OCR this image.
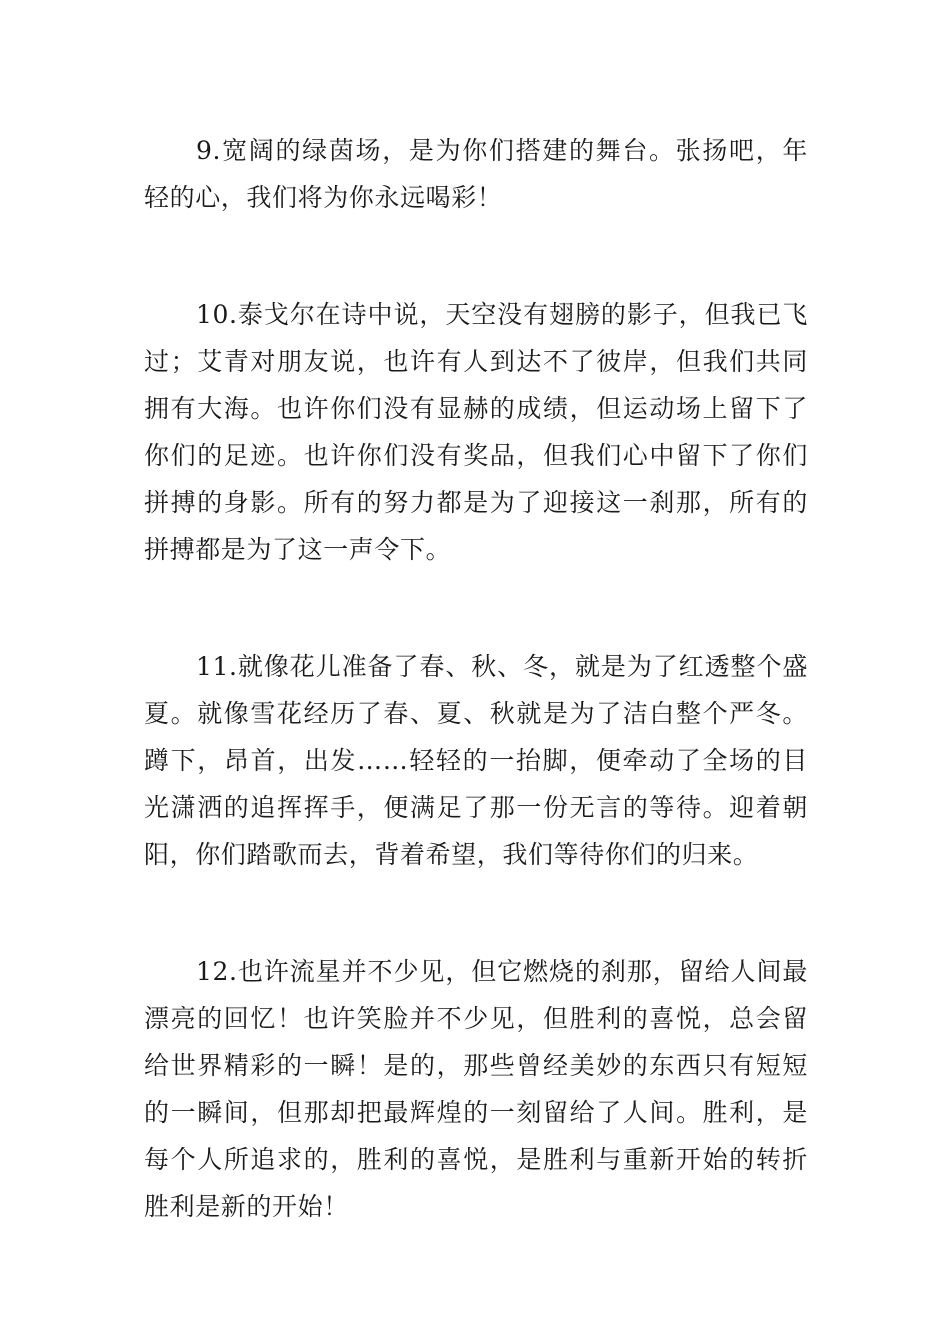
9.宽阔的绿茵场，是为你们搭建的舞台。张扬吧，年轻的心，我们将为你永远喝彩！

10.泰戈尔在诗中说，天空没有翅膀的影子，但我已飞过；艾青对朋友说，也许有人到达不了彼岸，但我们共同拥有大海。也许你们没有显赫的成绩，但运动场上留下了你们的足迹。也许你们没有奖品，但我们心中留下了你们拼搏的身影。所有的努力都是为了迎接这一刹那，所有的拼搏都是为了这一声令下。

11.就像花儿准备了春、秋、冬，就是为了红透整个盛夏。就像雪花经历了春、夏、秋就是为了洁白整个严冬。蹲下，昂首，出发……轻轻的一抬脚，便牵动了全场的目光潇洒的追挥挥手，便满足了那一份无言的等待。迎着朝阳，你们踏歌而去，背着希望，我们等待你们的归来。

12.也许流星并不少见，但它燃烧的刹那，留给人间最漂亮的回忆！也许笑脸并不少见，但胜利的喜悦，总会留给世界精彩的一瞬！是的，那些曾经美妙的东西只有短短的一瞬间，但那却把最辉煌的一刻留给了人间。胜利，是每个人所追求的，胜利的喜悦，是胜利与重新开始的转折胜利是新的开始！
